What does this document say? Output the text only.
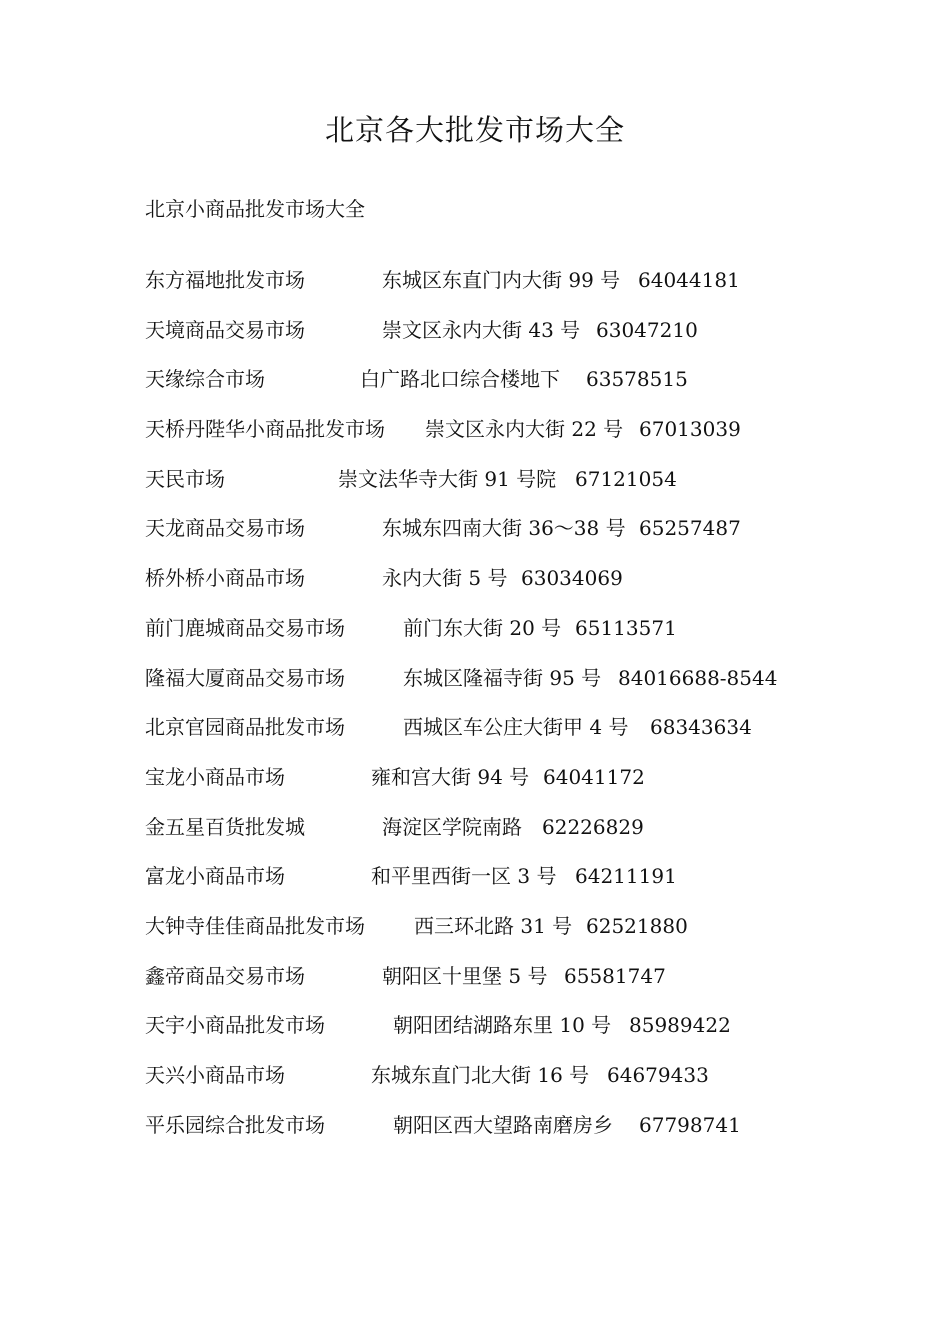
北京各大批发市场大全
北京小商品批发市场大全
东方福地批发市场	东城区东直门内大街 99 号 64044181
天境商品交易市场	崇文区永内大街 43 号 63047210
天缘综合市场	白广路北口综合楼地下 63578515
天桥丹陛华小商品批发市场 崇文区永内大街 22 号 67013039
天民市场	崇文法华寺大街 91 号院 67121054
天龙商品交易市场	东城东四南大街 36～38 号 65257487
桥外桥小商品市场	永内大街 5 号 63034069
前门鹿城商品交易市场	前门东大街 20 号 65113571
隆福大厦商品交易市场	东城区隆福寺街 95 号 84016688-8544
北京官园商品批发市场	西城区车公庄大街甲 4 号 68343634
宝龙小商品市场	雍和宫大街 94 号 64041172
金五星百货批发城	海淀区学院南路 62226829
富龙小商品市场	和平里西街一区 3 号 64211191
大钟寺佳佳商品批发市场 西三环北路 31 号 62521880
鑫帝商品交易市场	朝阳区十里堡 5 号 65581747
天宇小商品批发市场	朝阳团结湖路东里 10 号 85989422
天兴小商品市场	东城东直门北大街 16 号 64679433
平乐园综合批发市场	朝阳区西大望路南磨房乡 67798741
